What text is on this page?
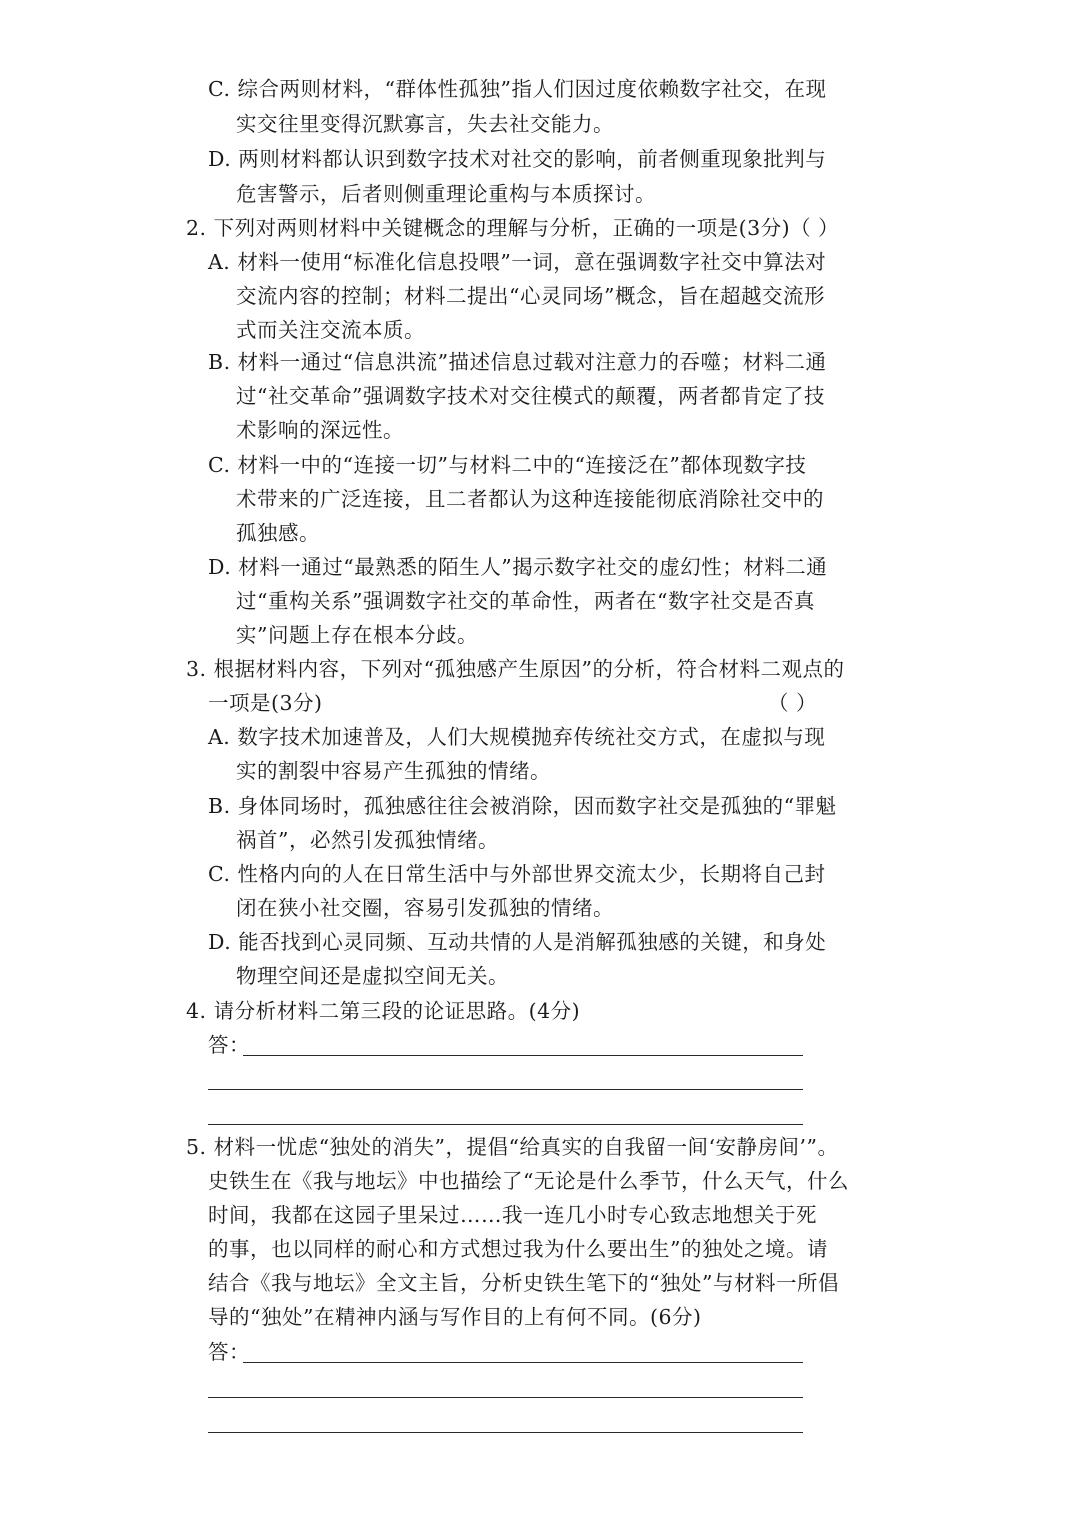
C. 综合两则材料，“群体性孤独”指人们因过度依赖数字社交，在现
实交往里变得沉默寡言，失去社交能力。
D. 两则材料都认识到数字技术对社交的影响，前者侧重现象批判与
危害警示，后者则侧重理论重构与本质探讨。
2. 下列对两则材料中关键概念的理解与分析，正确的一项是(3分)（ ）
A. 材料一使用“标准化信息投喂”一词，意在强调数字社交中算法对
交流内容的控制；材料二提出“心灵同场”概念，旨在超越交流形
式而关注交流本质。
B. 材料一通过“信息洪流”描述信息过载对注意力的吞噬；材料二通
过“社交革命”强调数字技术对交往模式的颠覆，两者都肯定了技
术影响的深远性。
C. 材料一中的“连接一切”与材料二中的“连接泛在”都体现数字技
术带来的广泛连接，且二者都认为这种连接能彻底消除社交中的
孤独感。
D. 材料一通过“最熟悉的陌生人”揭示数字社交的虚幻性；材料二通
过“重构关系”强调数字社交的革命性，两者在“数字社交是否真
实”问题上存在根本分歧。
3. 根据材料内容，下列对“孤独感产生原因”的分析，符合材料二观点的
一项是(3分)	（ ）
A. 数字技术加速普及，人们大规模抛弃传统社交方式，在虚拟与现
实的割裂中容易产生孤独的情绪。
B. 身体同场时，孤独感往往会被消除，因而数字社交是孤独的“罪魁
祸首”，必然引发孤独情绪。
C. 性格内向的人在日常生活中与外部世界交流太少，长期将自己封
闭在狭小社交圈，容易引发孤独的情绪。
D. 能否找到心灵同频、互动共情的人是消解孤独感的关键，和身处
物理空间还是虚拟空间无关。
4. 请分析材料二第三段的论证思路。(4分)
答：
5. 材料一忧虑“独处的消失”，提倡“给真实的自我留一间‘安静房间’”。
史铁生在《我与地坛》中也描绘了“无论是什么季节，什么天气，什么
时间，我都在这园子里呆过……我一连几小时专心致志地想关于死
的事，也以同样的耐心和方式想过我为什么要出生”的独处之境。请
结合《我与地坛》全文主旨，分析史铁生笔下的“独处”与材料一所倡
导的“独处”在精神内涵与写作目的上有何不同。(6分)
答：
